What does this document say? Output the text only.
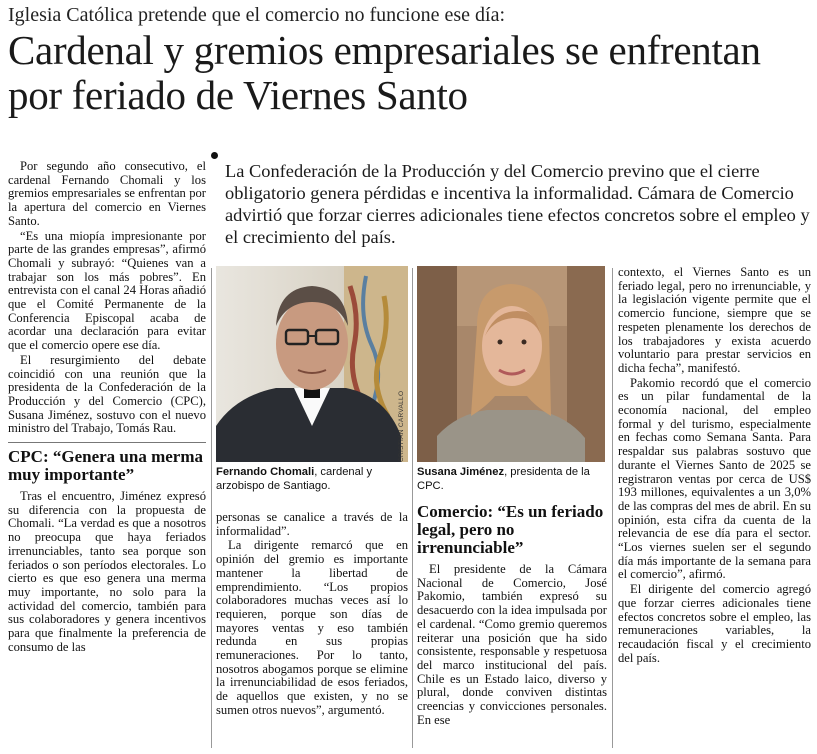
Iglesia Católica pretende que el comercio no funcione ese día:
Cardenal y gremios empresariales se enfrentan por feriado de Viernes Santo
La Confederación de la Producción y del Comercio previno que el cierre obligatorio genera pérdidas e incentiva la informalidad. Cámara de Comercio advirtió que forzar cierres adicionales tiene efectos concretos sobre el empleo y el crecimiento del país.

Por segundo año consecutivo, el cardenal Fernando Chomali y los gremios empresariales se enfrentan por la apertura del comercio en Viernes Santo.

“Es una miopía impresionante por parte de las grandes empresas”, afirmó Chomali y subrayó: “Quienes van a trabajar son los más pobres”. En entrevista con el canal 24 Horas añadió que el Comité Permanente de la Conferencia Episcopal acaba de acordar una declaración para evitar que el comercio opere ese día.

El resurgimiento del debate coincidió con una reunión que la presidenta de la Confederación de la Producción y del Comercio (CPC), Susana Jiménez, sostuvo con el nuevo ministro del Trabajo, Tomás Rau.

CPC: “Genera una merma muy importante”

Tras el encuentro, Jiménez expresó su diferencia con la propuesta de Chomali. “La verdad es que a nosotros no preocupa que haya feriados irrenunciables, tanto sea porque son feriados o son períodos electorales. Lo cierto es que eso genera una merma muy importante, no solo para la actividad del comercio, también para sus colaboradores y genera incentivos para que finalmente la preferencia de consumo de las

CRISTIAN CARVALLO
Fernando Chomali, cardenal y arzobispo de Santiago.
Susana Jiménez, presidenta de la CPC.

personas se canalice a través de la informalidad”.

La dirigente remarcó que en opinión del gremio es importante mantener la libertad de emprendimiento. “Los propios colaboradores muchas veces así lo requieren, porque son días de mayores ventas y eso también redunda en sus propias remuneraciones. Por lo tanto, nosotros abogamos porque se elimine la irrenunciabilidad de esos feriados, de aquellos que existen, y no se sumen otros nuevos”, argumentó.

Comercio: “Es un feriado legal, pero no irrenunciable”

El presidente de la Cámara Nacional de Comercio, José Pakomio, también expresó su desacuerdo con la idea impulsada por el cardenal. “Como gremio queremos reiterar una posición que ha sido consistente, responsable y respetuosa del marco institucional del país. Chile es un Estado laico, diverso y plural, donde conviven distintas creencias y convicciones personales. En ese

contexto, el Viernes Santo es un feriado legal, pero no irrenunciable, y la legislación vigente permite que el comercio funcione, siempre que se respeten plenamente los derechos de los trabajadores y exista acuerdo voluntario para prestar servicios en dicha fecha”, manifestó.

Pakomio recordó que el comercio es un pilar fundamental de la economía nacional, del empleo formal y del turismo, especialmente en fechas como Semana Santa. Para respaldar sus palabras sostuvo que durante el Viernes Santo de 2025 se registraron ventas por cerca de US$ 193 millones, equivalentes a un 3,0% de las compras del mes de abril. En su opinión, esta cifra da cuenta de la relevancia de ese día para el sector. “Los viernes suelen ser el segundo día más importante de la semana para el comercio”, afirmó.

El dirigente del comercio agregó que forzar cierres adicionales tiene efectos concretos sobre el empleo, las remuneraciones variables, la recaudación fiscal y el crecimiento del país.
